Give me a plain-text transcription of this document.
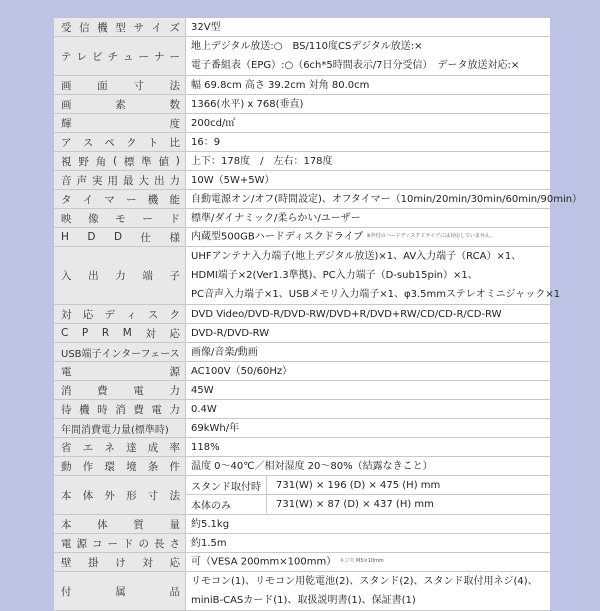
受 信 機 型 サ イ ズ 32V型
テ レ ビ チ ュ ー ナ ー
地上デジタル放送:○　BS/110度CSデジタル放送:×
電子番組表（EPG）:○（6ch*5時間表示/7日分受信）　データ放送対応:×
画 面 寸 法 幅 69.8cm 高さ 39.2cm 対角 80.0cm
画	素	数 1366(水平) x 768(垂直)
輝	度 200cd/㎡
ア ス ペ ク ト 比 16：9
視 野 角 ( 標 準 値 ) 上下：178度　/　左右：178度
音 声 実 用 最 大 出 力 10W（5W+5W）
タ イ マ ー 機 能 自動電源オン/オフ(時間設定)、オフタイマー（10min/20min/30min/60min/90min）
映 像 モ ー ド 標準/ダイナミック/柔らかい/ユーザー
H D D 仕 様 内蔵型500GBハードディスクドライブ ※外付のハードディスクドライブには対応していません。
入 出 力 端 子
UHFアンテナ入力端子(地上デジタル放送)×1、AV入力端子（RCA）×1、
HDMI端子×2(Ver1.3準拠)、PC入力端子（D-sub15pin）×1、
PC音声入力端子×1、USBメモリ入力端子×1、φ3.5mmステレオミニジャック×1
対 応 デ ィ ス ク DVD Video/DVD-R/DVD-RW/DVD+R/DVD+RW/CD/CD-R/CD-RW
C P R M 対 応 DVD-R/DVD-RW
USB端子インターフェース	画像/音楽/動画
電	源 AC100V（50/60Hz）
消 費 電 力 45W
待 機 時 消 費 電 力 0.4W
年間消費電力量(標準時)	69kWh/年
省 エ ネ 達 成 率 118%
動 作 環 境 条 件 温度 0～40℃／相対湿度 20～80%（結露なきこと）
本 体 外 形 寸 法
スタンド取付時	731(W) × 196 (D) × 475 (H) mm
本体のみ	731(W) × 87 (D) × 437 (H) mm
本 体 質 量 約5.1kg
電 源 コ ー ド の 長 さ 約1.5m
壁 掛 け 対 応 可（VESA 200mm×100mm） ネジ穴 M5×10mm
付	属	品
リモコン(1)、リモコン用乾電池(2)、スタンド(2)、スタンド取付用ネジ(4)、
miniB-CASカード(1)、取扱説明書(1)、保証書(1)
